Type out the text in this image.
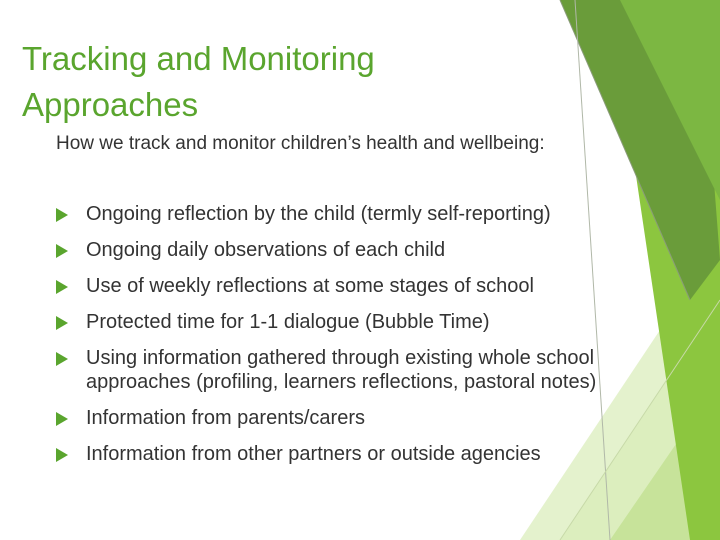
Tracking and Monitoring Approaches

How we track and monitor children’s health and wellbeing:

Ongoing reflection by the child (termly self-reporting)
Ongoing daily observations of each child
Use of weekly reflections at some stages of school
Protected time for 1-1 dialogue (Bubble Time)
Using information gathered through existing whole school approaches (profiling, learners reflections, pastoral notes)
Information from parents/carers
Information from other partners or outside agencies
